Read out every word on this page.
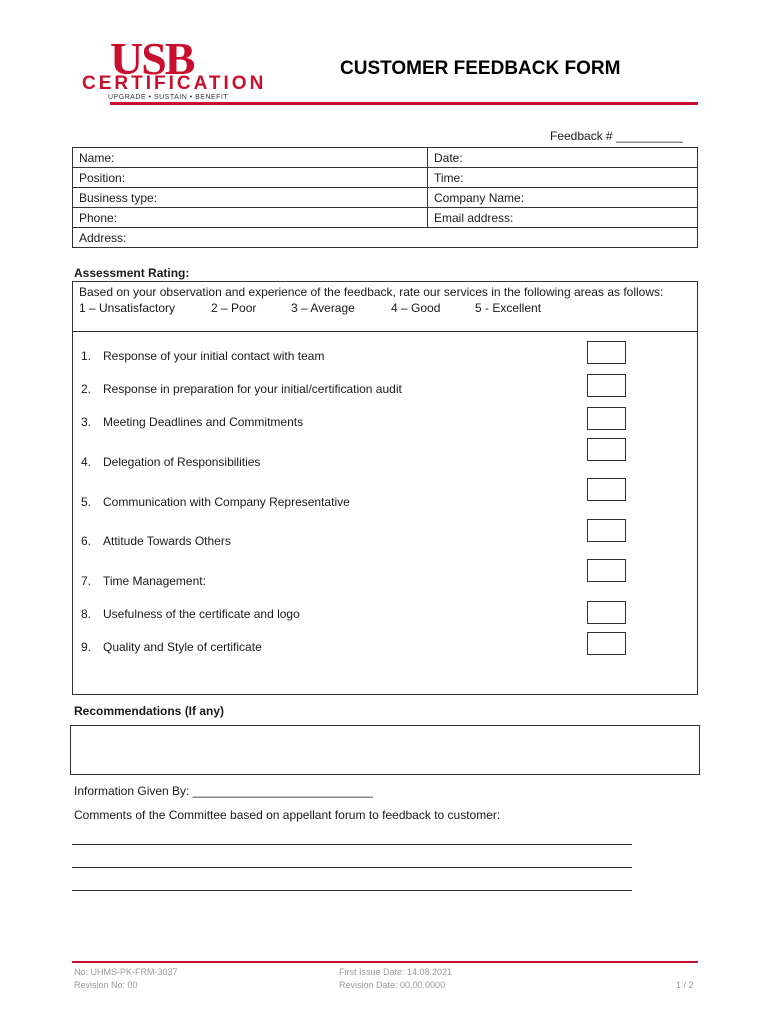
USB
CERTIFICATION
UPGRADE • SUSTAIN • BENEFIT
CUSTOMER FEEDBACK FORM
Feedback # __________
Name:	Date:
Position:	Time:
Business type:	Company Name:
Phone:	Email address:
Address:	
Assessment Rating:
Based on your observation and experience of the feedback, rate our services in the following areas as follows:
1 – Unsatisfactory	2 – Poor	3 – Average	4 – Good	5 - Excellent
1. Response of your initial contact with team
2. Response in preparation for your initial/certification audit
3. Meeting Deadlines and Commitments
4. Delegation of Responsibilities
5. Communication with Company Representative
6. Attitude Towards Others
7. Time Management:
8. Usefulness of the certificate and logo
9. Quality and Style of certificate
Recommendations (If any)
Information Given By: ___________________________
Comments of the Committee based on appellant forum to feedback to customer:
No: UHMS-PK-FRM-3037
Revision No: 00
First Issue Date: 14.08.2021
Revision Date: 00.00.0000	1 / 2
